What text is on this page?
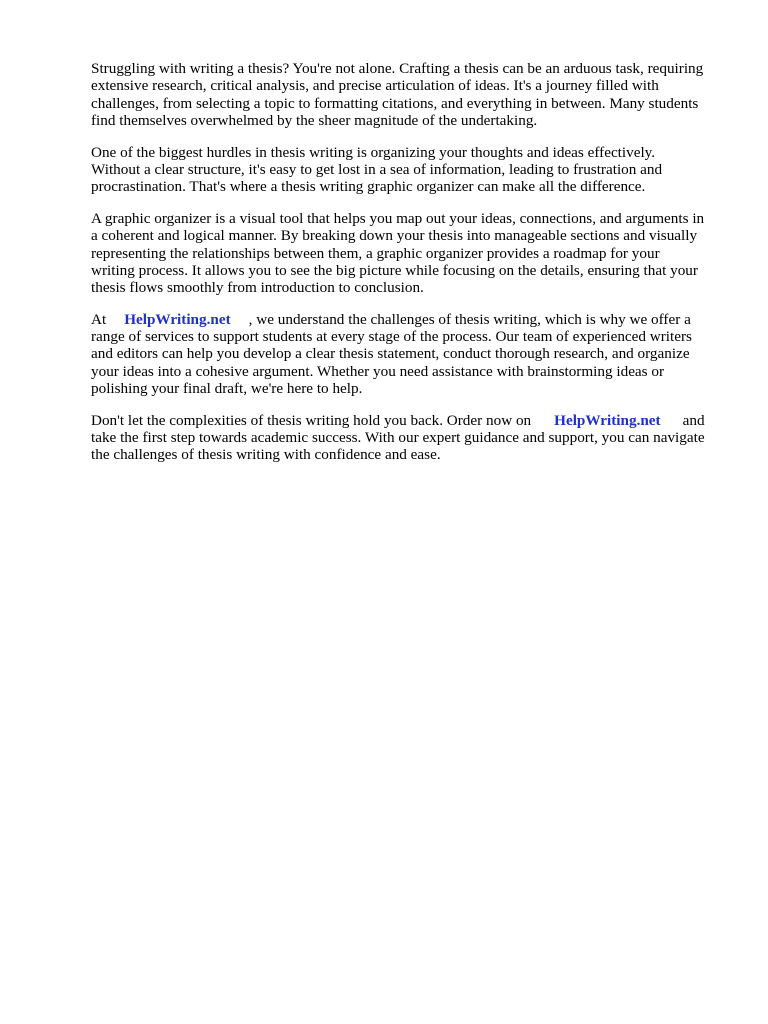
Struggling with writing a thesis? You're not alone. Crafting a thesis can be an arduous task, requiring
extensive research, critical analysis, and precise articulation of ideas. It's a journey filled with
challenges, from selecting a topic to formatting citations, and everything in between. Many students
find themselves overwhelmed by the sheer magnitude of the undertaking.

One of the biggest hurdles in thesis writing is organizing your thoughts and ideas effectively.
Without a clear structure, it's easy to get lost in a sea of information, leading to frustration and
procrastination. That's where a thesis writing graphic organizer can make all the difference.

A graphic organizer is a visual tool that helps you map out your ideas, connections, and arguments in
a coherent and logical manner. By breaking down your thesis into manageable sections and visually
representing the relationships between them, a graphic organizer provides a roadmap for your
writing process. It allows you to see the big picture while focusing on the details, ensuring that your
thesis flows smoothly from introduction to conclusion.

At HelpWriting.net , we understand the challenges of thesis writing, which is why we offer a
range of services to support students at every stage of the process. Our team of experienced writers
and editors can help you develop a clear thesis statement, conduct thorough research, and organize
your ideas into a cohesive argument. Whether you need assistance with brainstorming ideas or
polishing your final draft, we're here to help.

Don't let the complexities of thesis writing hold you back. Order now on HelpWriting.net and
take the first step towards academic success. With our expert guidance and support, you can navigate
the challenges of thesis writing with confidence and ease.
